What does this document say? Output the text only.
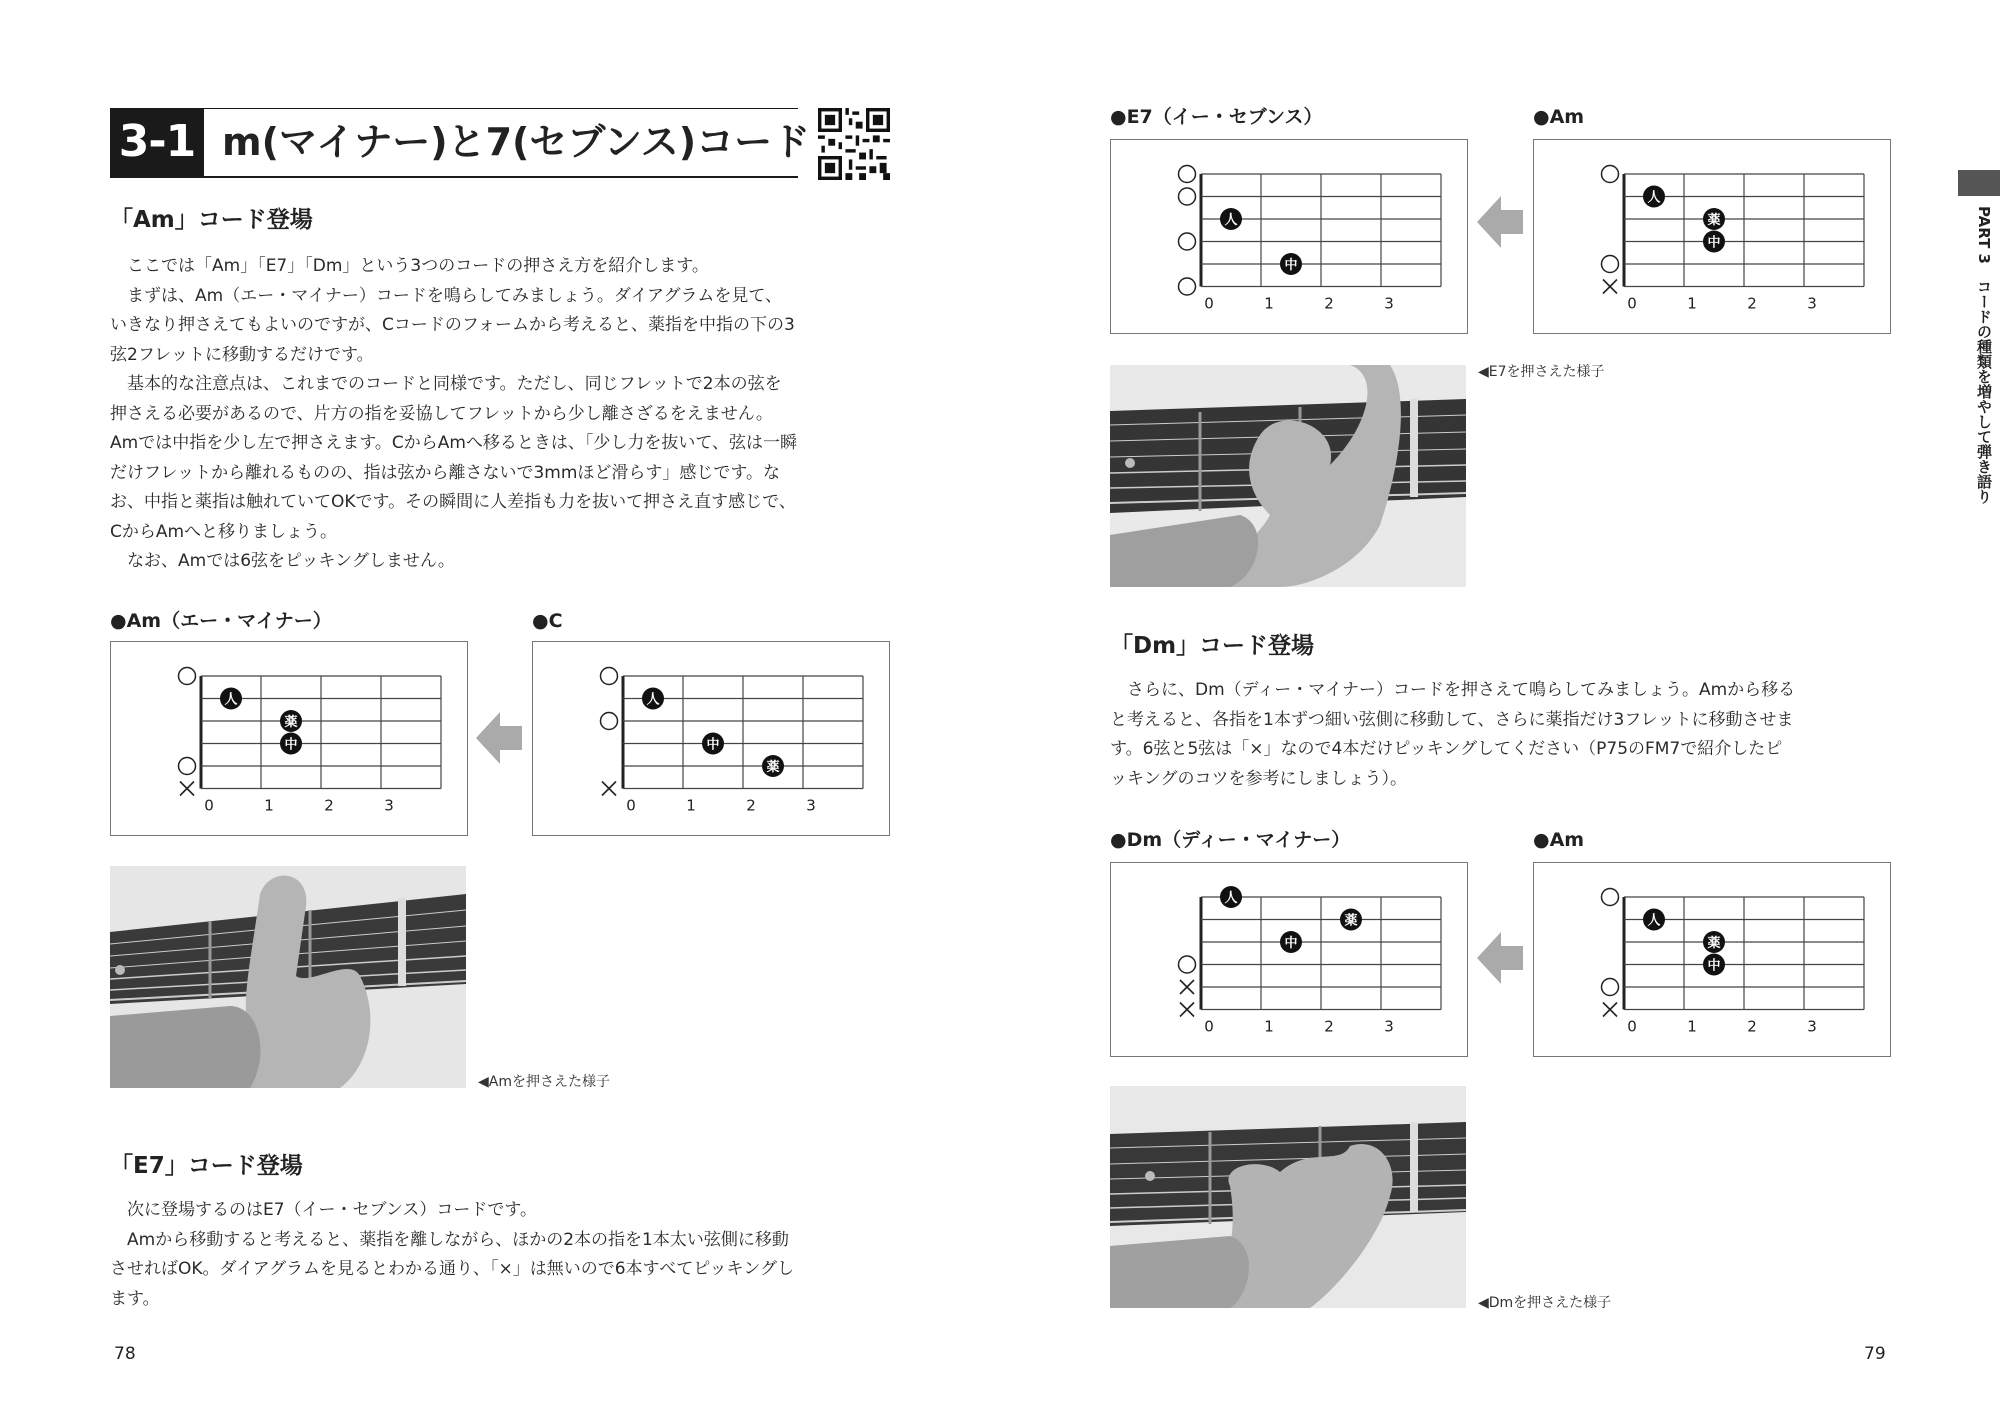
3-1 m(マイナー)と7(セブンス)コード
「Am」コード登場

ここでは「Am」「E7」「Dm」という3つのコードの押さえ方を紹介します。

まずは、Am（エー・マイナー）コードを鳴らしてみましょう。ダイアグラムを見て、いきなり押さえてもよいのですが、Cコードのフォームから考えると、薬指を中指の下の3弦2フレットに移動するだけです。

基本的な注意点は、これまでのコードと同様です。ただし、同じフレットで2本の弦を押さえる必要があるので、片方の指を妥協してフレットから少し離さざるをえません。Amでは中指を少し左で押さえます。CからAmへ移るときは、「少し力を抜いて、弦は一瞬だけフレットから離れるものの、指は弦から離さないで3mmほど滑らす」感じです。なお、中指と薬指は触れていてOKです。その瞬間に人差指も力を抜いて押さえ直す感じで、CからAmへと移りましょう。

なお、Amでは6弦をピッキングしません。

●Am（エー・マイナー）	●C
0	1	2	3
人
薬
中
0	1	2	3
人
中
薬
◀Amを押さえた様子
「E7」コード登場

次に登場するのはE7（イー・セブンス）コードです。

Amから移動すると考えると、薬指を離しながら、ほかの2本の指を1本太い弦側に移動させればOK。ダイアグラムを見るとわかる通り、「×」は無いので6本すべてピッキングします。

78
●E7（イー・セブンス）	●Am
0	1	2	3
人
中
0	1	2	3
人
薬
中
◀E7を押さえた様子
「Dm」コード登場

さらに、Dm（ディー・マイナー）コードを押さえて鳴らしてみましょう。Amから移ると考えると、各指を1本ずつ細い弦側に移動して、さらに薬指だけ3フレットに移動させます。6弦と5弦は「×」なので4本だけピッキングしてください（P75のFM7で紹介したピッキングのコツを参考にしましょう）。

●Dm（ディー・マイナー）	●Am
0	1	2	3
人
中
薬
0	1	2	3
人
薬
中
◀Dmを押さえた様子
79
PART 3　コードの種類を増やして弾き語り
